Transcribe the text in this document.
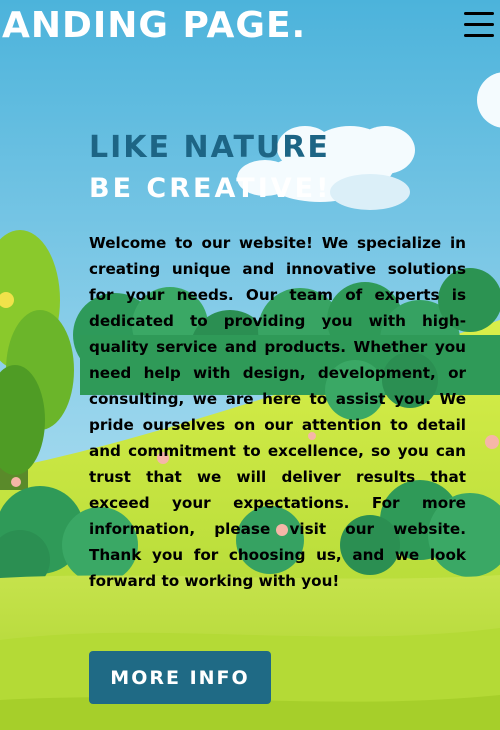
ANDING PAGE.
LIKE NATURE
BE CREATIVE!

Welcome to our website! We specialize in creating unique and innovative solutions for your needs. Our team of experts is dedicated to providing you with high-quality service and products. Whether you need help with design, development, or consulting, we are here to assist you. We pride ourselves on our attention to detail and commitment to excellence, so you can trust that we will deliver results that exceed your expectations. For more information, please visit our website. Thank you for choosing us, and we look forward to working with you!

MORE INFO
